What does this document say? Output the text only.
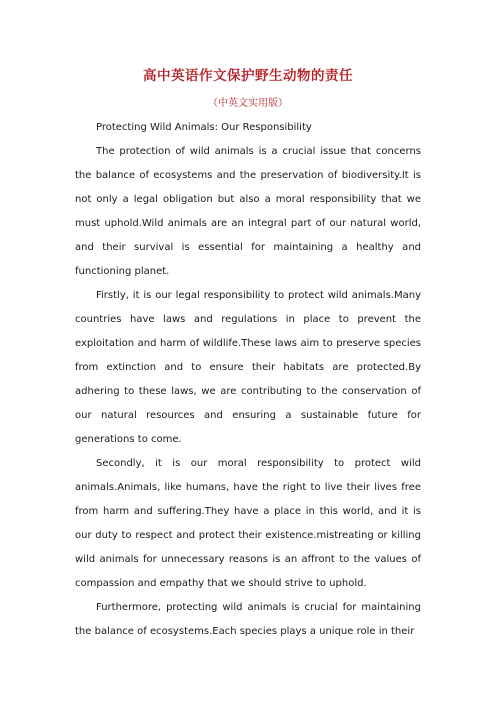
高中英语作文保护野生动物的责任
（中英文实用版）

Protecting Wild Animals: Our Responsibility

The protection of wild animals is a crucial issue that concerns the balance of ecosystems and the preservation of biodiversity.It is not only a legal obligation but also a moral responsibility that we must uphold.Wild animals are an integral part of our natural world, and their survival is essential for maintaining a healthy and functioning planet.

Firstly, it is our legal responsibility to protect wild animals.Many countries have laws and regulations in place to prevent the exploitation and harm of wildlife.These laws aim to preserve species from extinction and to ensure their habitats are protected.By adhering to these laws, we are contributing to the conservation of our natural resources and ensuring a sustainable future for generations to come.

Secondly, it is our moral responsibility to protect wild animals.Animals, like humans, have the right to live their lives free from harm and suffering.They have a place in this world, and it is our duty to respect and protect their existence.mistreating or killing wild animals for unnecessary reasons is an affront to the values of compassion and empathy that we should strive to uphold.

Furthermore, protecting wild animals is crucial for maintaining the balance of ecosystems.Each species plays a unique role in their
